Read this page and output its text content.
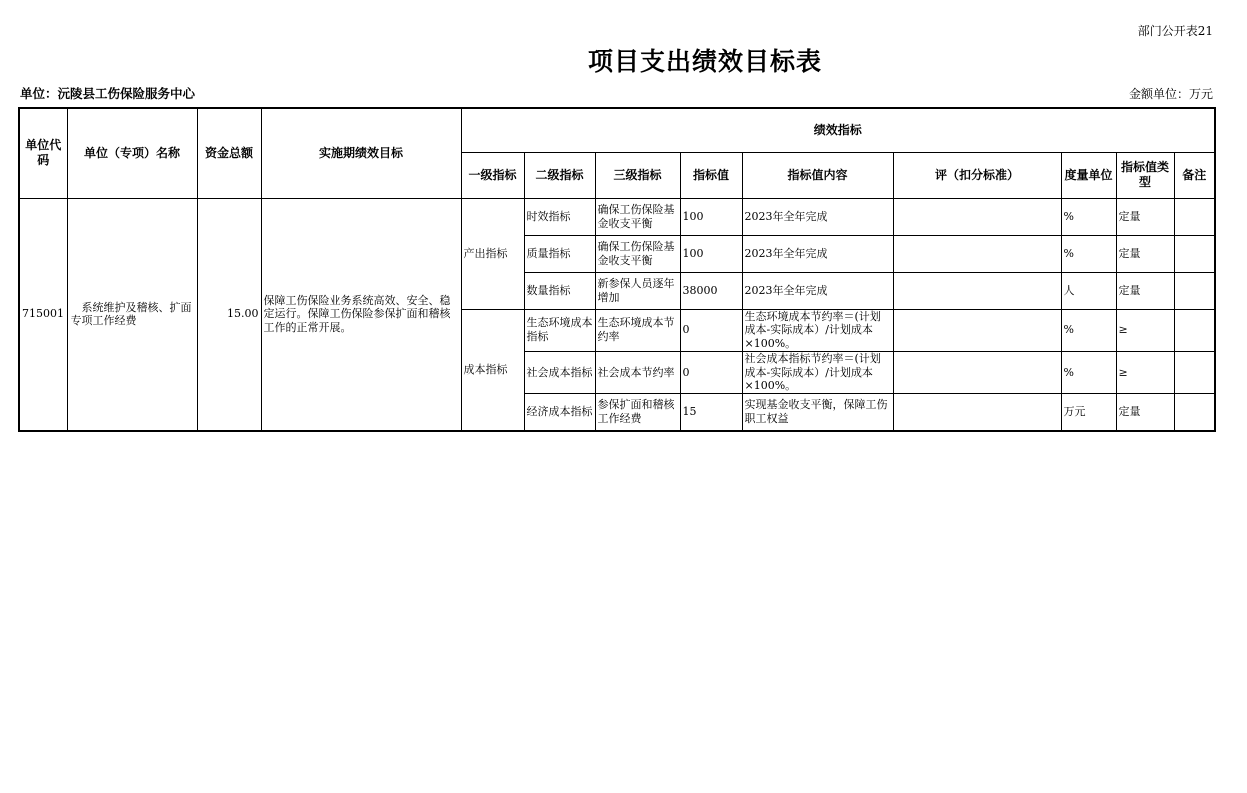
部门公开表21
项目支出绩效目标表
单位：沅陵县工伤保险服务中心	金额单位：万元
单位代码	单位（专项）名称	资金总额	实施期绩效目标	绩效指标								
				一级指标	二级指标	三级指标	指标值	指标值内容	评（扣分标准）	度量单位	指标值类型	备注
715001	系统维护及稽核、扩面专项工作经费	15.00	保障工伤保险业务系统高效、安全、稳定运行。保障工伤保险参保扩面和稽核工作的正常开展。	产出指标	时效指标	确保工伤保险基金收支平衡	100	2023年全年完成		%	定量	
					质量指标	确保工伤保险基金收支平衡	100	2023年全年完成		%	定量	
					数量指标	新参保人员逐年增加	38000	2023年全年完成		人	定量	
				成本指标	生态环境成本指标	生态环境成本节约率	0	生态环境成本节约率＝(计划成本-实际成本）/计划成本×100%。		%	≥	
					社会成本指标	社会成本节约率	0	社会成本指标节约率＝(计划成本-实际成本）/计划成本×100%。		%	≥	
					经济成本指标	参保扩面和稽核工作经费	15	实现基金收支平衡，保障工伤职工权益		万元	定量	
